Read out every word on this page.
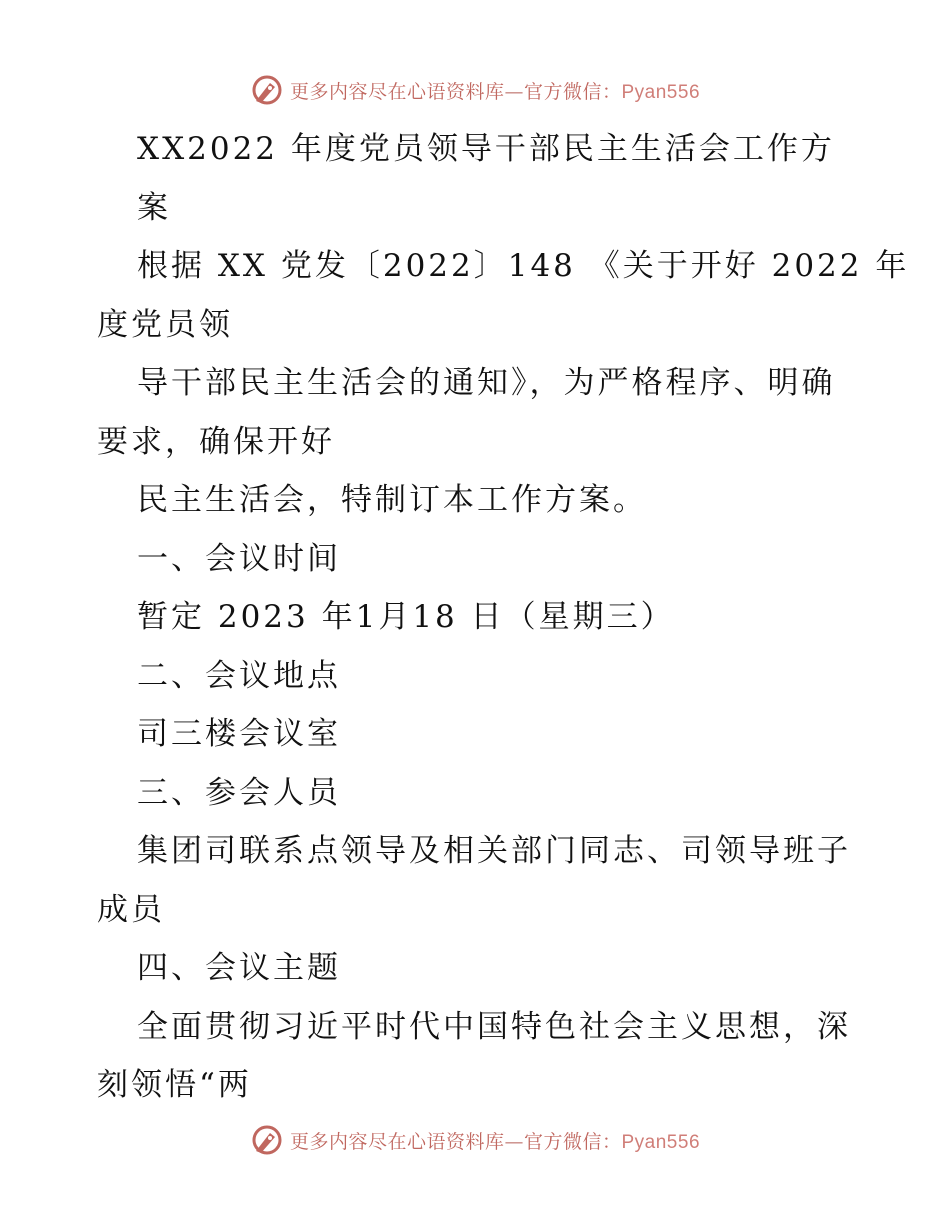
更多内容尽在心语资料库—官方微信：Pyan556
XX2022 年度党员领导干部民主生活会工作方
案
根据 XX 党发〔2022〕148 《关于开好 2022 年
度党员领
导干部民主生活会的通知》，为严格程序、明确
要求，确保开好
民主生活会，特制订本工作方案。
一、会议时间
暂定 2023 年1月18 日（星期三）
二、会议地点
司三楼会议室
三、参会人员
集团司联系点领导及相关部门同志、司领导班子
成员
四、会议主题
全面贯彻习近平时代中国特色社会主义思想，深
刻领悟“两
更多内容尽在心语资料库—官方微信：Pyan556
